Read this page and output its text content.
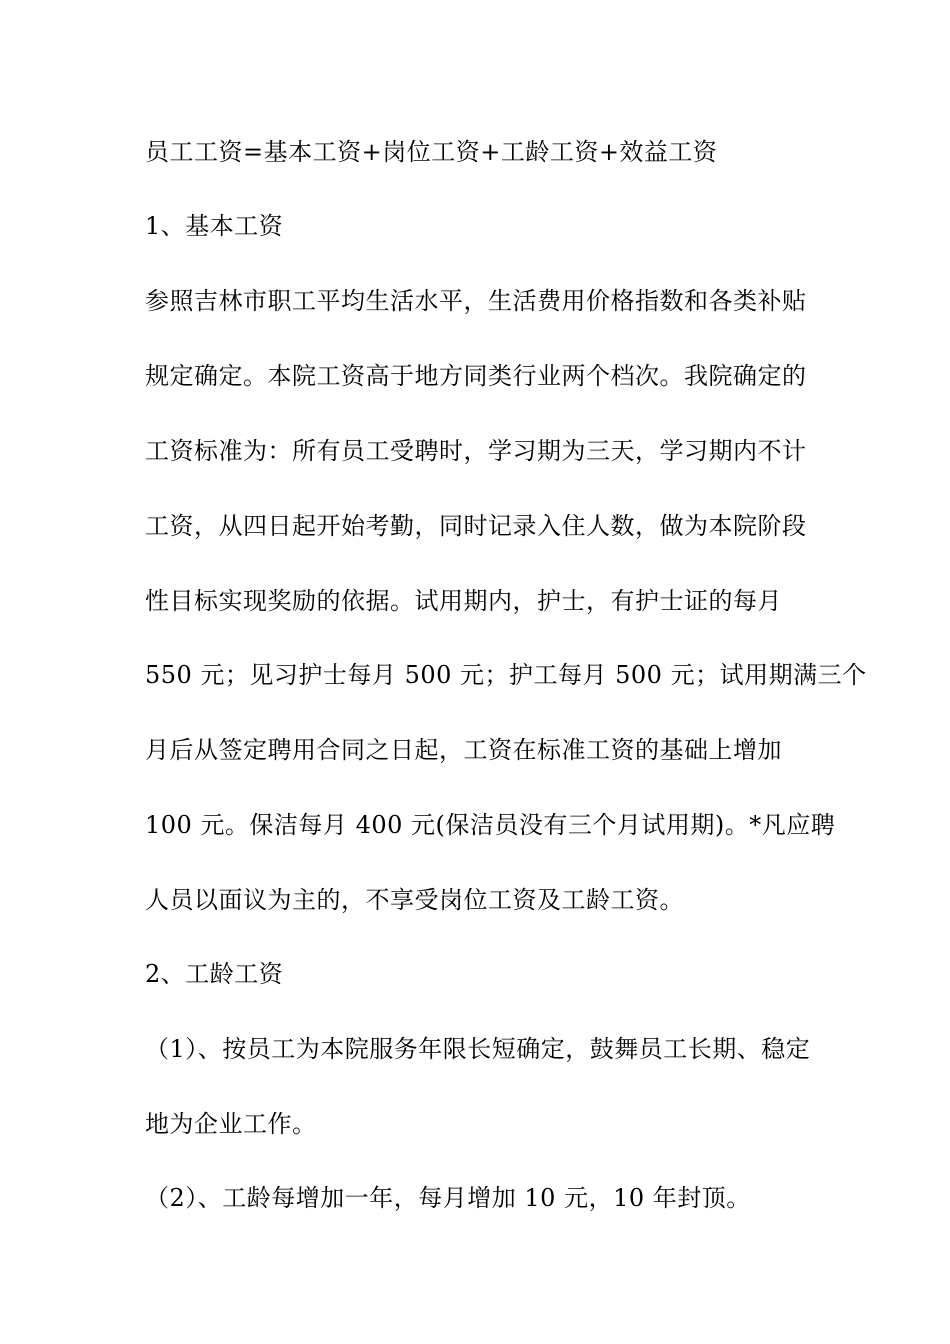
员工工资=基本工资+岗位工资+工龄工资+效益工资
1、基本工资
参照吉林市职工平均生活水平，生活费用价格指数和各类补贴
规定确定。本院工资高于地方同类行业两个档次。我院确定的
工资标准为：所有员工受聘时，学习期为三天，学习期内不计
工资，从四日起开始考勤，同时记录入住人数，做为本院阶段
性目标实现奖励的依据。试用期内，护士，有护士证的每月
550 元；见习护士每月 500 元；护工每月 500 元；试用期满三个
月后从签定聘用合同之日起，工资在标准工资的基础上增加
100 元。保洁每月 400 元(保洁员没有三个月试用期)。*凡应聘
人员以面议为主的，不享受岗位工资及工龄工资。
2、工龄工资
（1）、按员工为本院服务年限长短确定，鼓舞员工长期、稳定
地为企业工作。
（2）、工龄每增加一年，每月增加 10 元，10 年封顶。
